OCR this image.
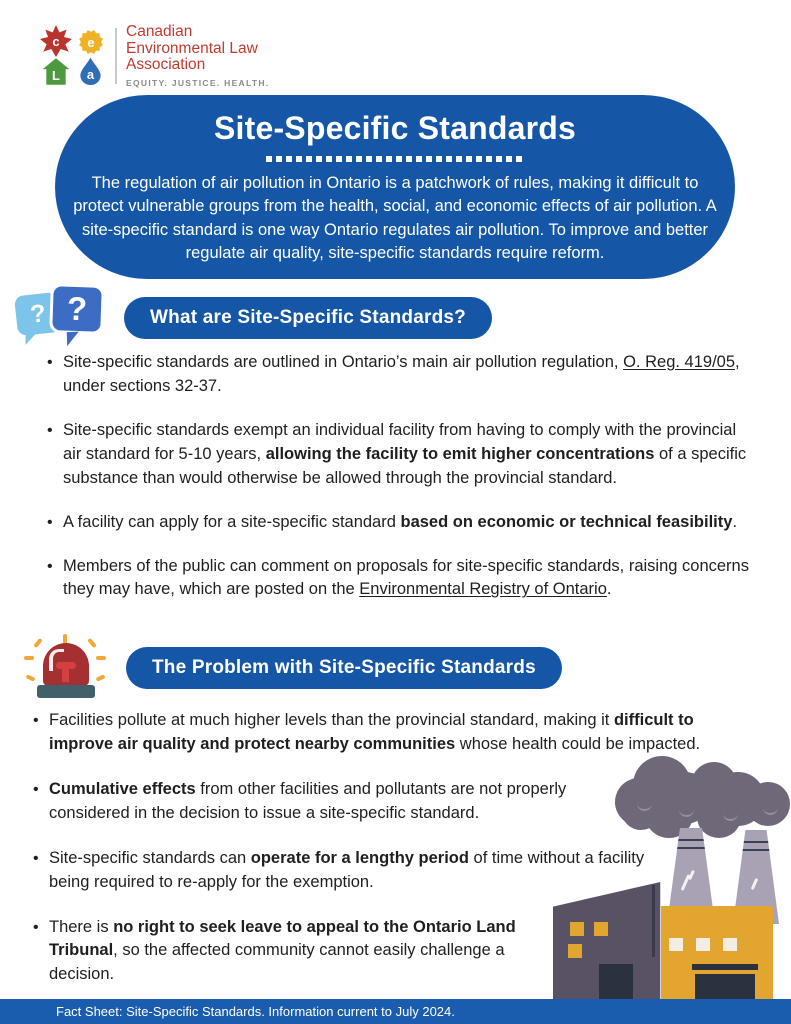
c	e
L	a
Canadian
Environmental Law
Association
EQUITY. JUSTICE. HEALTH.
Site-Specific Standards

The regulation of air pollution in Ontario is a patchwork of rules, making it difficult to protect vulnerable groups from the health, social, and economic effects of air pollution. A site-specific standard is one way Ontario regulates air pollution. To improve and better regulate air quality, site-specific standards require reform.

? ?	What are Site-Specific Standards?
• Site-specific standards are outlined in Ontario’s main air pollution regulation, O. Reg. 419/05, under sections 32-37.
• Site-specific standards exempt an individual facility from having to comply with the provincial air standard for 5-10 years, allowing the facility to emit higher concentrations of a specific substance than would otherwise be allowed through the provincial standard.
• A facility can apply for a site-specific standard based on economic or technical feasibility.
• Members of the public can comment on proposals for site-specific standards, raising concerns they may have, which are posted on the Environmental Registry of Ontario.
The Problem with Site-Specific Standards
• Facilities pollute at much higher levels than the provincial standard, making it difficult to improve air quality and protect nearby communities whose health could be impacted.
• Cumulative effects from other facilities and pollutants are not properly considered in the decision to issue a site-specific standard.
• Site-specific standards can operate for a lengthy period of time without a facility being required to re-apply for the exemption.
• There is no right to seek leave to appeal to the Ontario Land Tribunal, so the affected community cannot easily challenge a decision.
Fact Sheet: Site-Specific Standards. Information current to July 2024.
